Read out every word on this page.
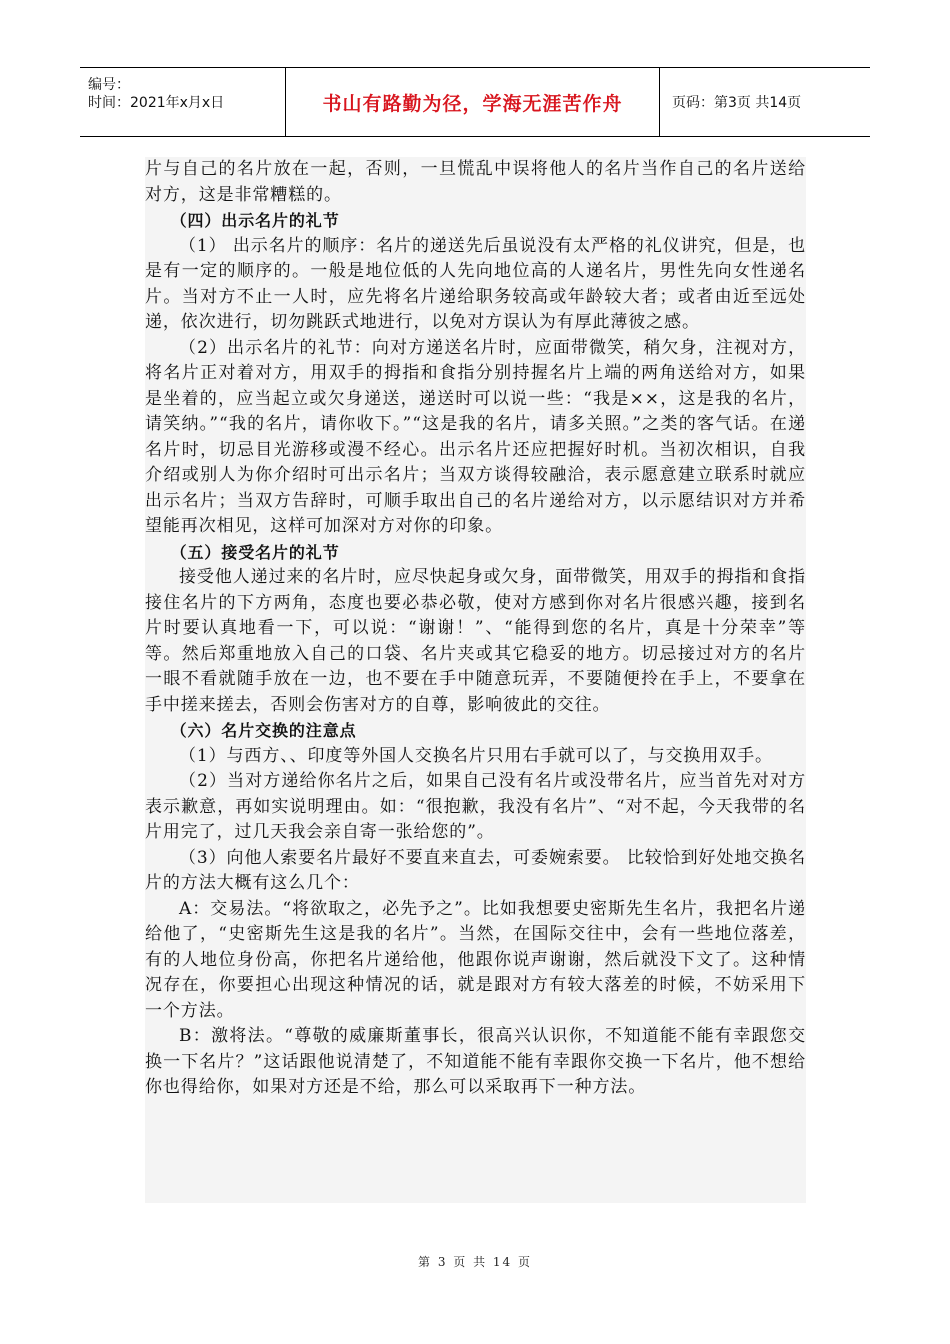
编号：
时间：2021年x月x日	书山有路勤为径，学海无涯苦作舟	页码：第3页 共14页

片与自己的名片放在一起，否则，一旦慌乱中误将他人的名片当作自己的名片送给对方，这是非常糟糕的。

（四）出示名片的礼节

（1） 出示名片的顺序：名片的递送先后虽说没有太严格的礼仪讲究，但是，也是有一定的顺序的。一般是地位低的人先向地位高的人递名片，男性先向女性递名片。当对方不止一人时，应先将名片递给职务较高或年龄较大者；或者由近至远处递，依次进行，切勿跳跃式地进行，以免对方误认为有厚此薄彼之感。

（2）出示名片的礼节：向对方递送名片时，应面带微笑，稍欠身，注视对方，将名片正对着对方，用双手的拇指和食指分别持握名片上端的两角送给对方，如果是坐着的，应当起立或欠身递送，递送时可以说一些：“我是××，这是我的名片，请笑纳。”“我的名片，请你收下。”“这是我的名片，请多关照。”之类的客气话。在递名片时，切忌目光游移或漫不经心。出示名片还应把握好时机。当初次相识，自我介绍或别人为你介绍时可出示名片；当双方谈得较融洽，表示愿意建立联系时就应出示名片；当双方告辞时，可顺手取出自己的名片递给对方，以示愿结识对方并希望能再次相见，这样可加深对方对你的印象。

（五）接受名片的礼节

接受他人递过来的名片时，应尽快起身或欠身，面带微笑，用双手的拇指和食指接住名片的下方两角，态度也要必恭必敬，使对方感到你对名片很感兴趣，接到名片时要认真地看一下，可以说：“谢谢！”、“能得到您的名片，真是十分荣幸”等等。然后郑重地放入自己的口袋、名片夹或其它稳妥的地方。切忌接过对方的名片一眼不看就随手放在一边，也不要在手中随意玩弄，不要随便拎在手上，不要拿在手中搓来搓去，否则会伤害对方的自尊，影响彼此的交往。

（六）名片交换的注意点

（1）与西方、、印度等外国人交换名片只用右手就可以了，与交换用双手。

（2）当对方递给你名片之后，如果自己没有名片或没带名片，应当首先对对方表示歉意，再如实说明理由。如：“很抱歉，我没有名片”、“对不起，今天我带的名片用完了，过几天我会亲自寄一张给您的”。

（3）向他人索要名片最好不要直来直去，可委婉索要。 比较恰到好处地交换名片的方法大概有这么几个：

A：交易法。“将欲取之，必先予之”。比如我想要史密斯先生名片，我把名片递给他了，“史密斯先生这是我的名片”。当然，在国际交往中，会有一些地位落差，有的人地位身份高，你把名片递给他，他跟你说声谢谢，然后就没下文了。这种情况存在，你要担心出现这种情况的话，就是跟对方有较大落差的时候，不妨采用下一个方法。

B：激将法。“尊敬的威廉斯董事长，很高兴认识你，不知道能不能有幸跟您交换一下名片？”这话跟他说清楚了，不知道能不能有幸跟你交换一下名片，他不想给你也得给你，如果对方还是不给，那么可以采取再下一种方法。

第 3 页 共 14 页
